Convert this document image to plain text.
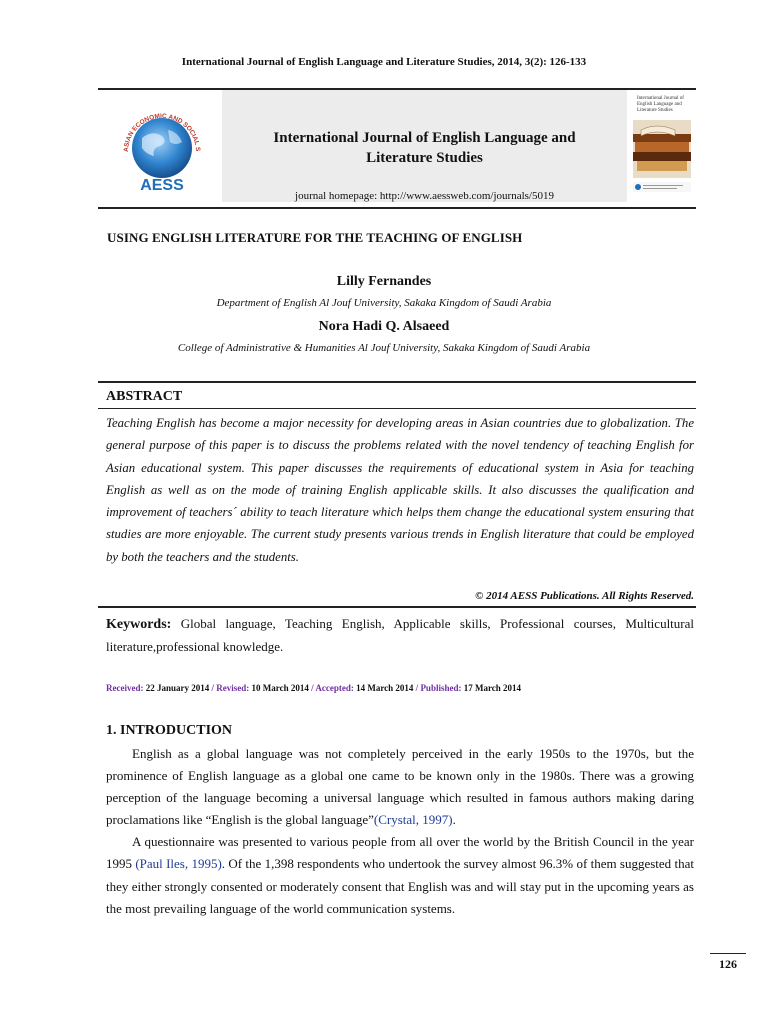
International Journal of English Language and Literature Studies, 2014, 3(2): 126-133
ASIAN ECONOMIC AND SOCIAL S
AESS
International Journal of English Language and
Literature Studies
journal homepage: http://www.aessweb.com/journals/5019
International Journal of English Language and Literature Studies
USING ENGLISH LITERATURE FOR THE TEACHING OF ENGLISH
Lilly Fernandes
Department of English Al Jouf University, Sakaka Kingdom of Saudi Arabia
Nora Hadi Q. Alsaeed
College of Administrative & Humanities Al Jouf University, Sakaka Kingdom of Saudi Arabia
ABSTRACT
Teaching English has become a major necessity for developing areas in Asian countries due to globalization. The general purpose of this paper is to discuss the problems related with the novel tendency of teaching English for Asian educational system. This paper discusses the requirements of educational system in Asia for teaching English as well as on the mode of training English applicable skills. It also discusses the qualification and improvement of teachers´ ability to teach literature which helps them change the educational system ensuring that studies are more enjoyable. The current study presents various trends in English literature that could be employed by both the teachers and the students.
© 2014 AESS Publications. All Rights Reserved.
Keywords: Global language, Teaching English, Applicable skills, Professional courses, Multicultural literature,professional knowledge.
Received: 22 January 2014 / Revised: 10 March 2014 / Accepted: 14 March 2014 / Published: 17 March 2014
1. INTRODUCTION

English as a global language was not completely perceived in the early 1950s to the 1970s, but the prominence of English language as a global one came to be known only in the 1980s. There was a growing perception of the language becoming a universal language which resulted in famous authors making daring proclamations like “English is the global language”(Crystal, 1997).

A questionnaire was presented to various people from all over the world by the British Council in the year 1995 (Paul Iles, 1995). Of the 1,398 respondents who undertook the survey almost 96.3% of them suggested that they either strongly consented or moderately consent that English was and will stay put in the upcoming years as the most prevailing language of the world communication systems.

126
